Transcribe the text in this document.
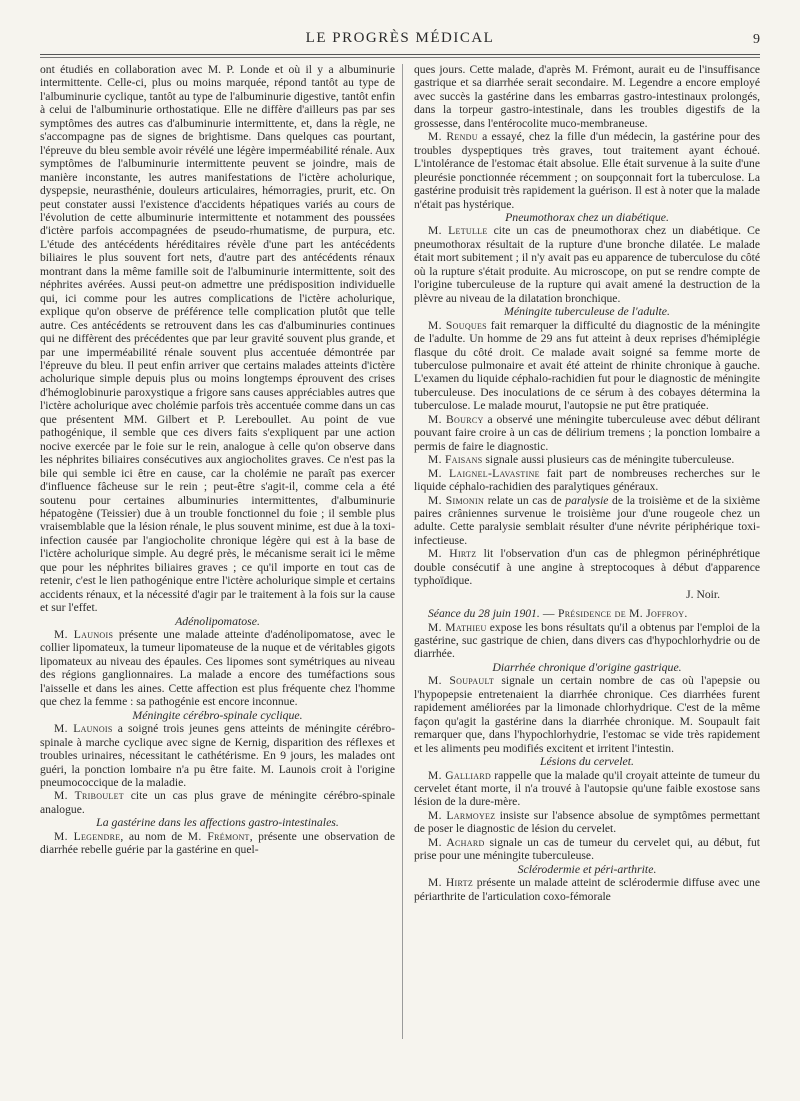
LE PROGRÈS MÉDICAL	9

ont étudiés en collaboration avec M. P. Londe et où il y a albuminurie intermittente. Celle-ci, plus ou moins marquée, répond tantôt au type de l'albuminurie cyclique, tantôt au type de l'albuminurie digestive, tantôt enfin à celui de l'albuminurie orthostatique. Elle ne diffère d'ailleurs pas par ses symptômes des autres cas d'albuminurie intermittente, et, dans la règle, ne s'accompagne pas de signes de brightisme. Dans quelques cas pourtant, l'épreuve du bleu semble avoir révélé une légère imperméabilité rénale. Aux symptômes de l'albuminurie intermittente peuvent se joindre, mais de manière inconstante, les autres manifestations de l'ictère acholurique, dyspepsie, neurasthénie, douleurs articulaires, hémorragies, prurit, etc. On peut constater aussi l'existence d'accidents hépatiques variés au cours de l'évolution de cette albuminurie intermittente et notamment des poussées d'ictère parfois accompagnées de pseudo-rhumatisme, de purpura, etc. L'étude des antécédents héréditaires révèle d'une part les antécédents biliaires le plus souvent fort nets, d'autre part des antécédents rénaux montrant dans la même famille soit de l'albuminurie intermittente, soit des néphrites avérées. Aussi peut-on admettre une prédisposition individuelle qui, ici comme pour les autres complications de l'ictère acholurique, explique qu'on observe de préférence telle complication plutôt que telle autre. Ces antécédents se retrouvent dans les cas d'albuminuries continues qui ne diffèrent des précédentes que par leur gravité souvent plus grande, et par une imperméabilité rénale souvent plus accentuée démontrée par l'épreuve du bleu. Il peut enfin arriver que certains malades atteints d'ictère acholurique simple depuis plus ou moins longtemps éprouvent des crises d'hémoglobinurie paroxystique a frigore sans causes appréciables autres que l'ictère acholurique avec cholémie parfois très accentuée comme dans un cas que présentent MM. Gilbert et P. Lereboullet. Au point de vue pathogénique, il semble que ces divers faits s'expliquent par une action nocive exercée par le foie sur le rein, analogue à celle qu'on observe dans les néphrites biliaires consécutives aux angiocholites graves. Ce n'est pas la bile qui semble ici être en cause, car la cholémie ne paraît pas exercer d'influence fâcheuse sur le rein ; peut-être s'agit-il, comme cela a été soutenu pour certaines albuminuries intermittentes, d'albuminurie hépatogène (Teissier) due à un trouble fonctionnel du foie ; il semble plus vraisemblable que la lésion rénale, le plus souvent minime, est due à la toxi-infection causée par l'angiocholite chronique légère qui est à la base de l'ictère acholurique simple. Au degré près, le mécanisme serait ici le même que pour les néphrites biliaires graves ; ce qu'il importe en tout cas de retenir, c'est le lien pathogénique entre l'ictère acholurique simple et certains accidents rénaux, et la nécessité d'agir par le traitement à la fois sur la cause et sur l'effet.

Adénolipomatose.

M. Launois présente une malade atteinte d'adénolipomatose, avec le collier lipomateux, la tumeur lipomateuse de la nuque et de véritables gigots lipomateux au niveau des épaules. Ces lipomes sont symétriques au niveau des régions ganglionnaires. La malade a encore des tuméfactions sous l'aisselle et dans les aines. Cette affection est plus fréquente chez l'homme que chez la femme : sa pathogénie est encore inconnue.

Méningite cérébro-spinale cyclique.

M. Launois a soigné trois jeunes gens atteints de méningite cérébro-spinale à marche cyclique avec signe de Kernig, disparition des réflexes et troubles urinaires, nécessitant le cathétérisme. En 9 jours, les malades ont guéri, la ponction lombaire n'a pu être faite. M. Launois croit à l'origine pneumococcique de la maladie.

M. Triboulet cite un cas plus grave de méningite cérébro-spinale analogue.

La gastérine dans les affections gastro-intestinales.

M. Legendre, au nom de M. Frémont, présente une observation de diarrhée rebelle guérie par la gastérine en quel-

ques jours. Cette malade, d'après M. Frémont, aurait eu de l'insuffisance gastrique et sa diarrhée serait secondaire. M. Legendre a encore employé avec succès la gastérine dans les embarras gastro-intestinaux prolongés, dans la torpeur gastro-intestinale, dans les troubles digestifs de la grossesse, dans l'entérocolite muco-membraneuse.

M. Rendu a essayé, chez la fille d'un médecin, la gastérine pour des troubles dyspeptiques très graves, tout traitement ayant échoué. L'intolérance de l'estomac était absolue. Elle était survenue à la suite d'une pleurésie ponctionnée récemment ; on soupçonnait fort la tuberculose. La gastérine produisit très rapidement la guérison. Il est à noter que la malade n'était pas hystérique.

Pneumothorax chez un diabétique.

M. Letulle cite un cas de pneumothorax chez un diabétique. Ce pneumothorax résultait de la rupture d'une bronche dilatée. Le malade était mort subitement ; il n'y avait pas eu apparence de tuberculose du côté où la rupture s'était produite. Au microscope, on put se rendre compte de l'origine tuberculeuse de la rupture qui avait amené la destruction de la plèvre au niveau de la dilatation bronchique.

Méningite tuberculeuse de l'adulte.

M. Souques fait remarquer la difficulté du diagnostic de la méningite de l'adulte. Un homme de 29 ans fut atteint à deux reprises d'hémiplégie flasque du côté droit. Ce malade avait soigné sa femme morte de tuberculose pulmonaire et avait été atteint de rhinite chronique à gauche. L'examen du liquide céphalo-rachidien fut pour le diagnostic de méningite tuberculeuse. Des inoculations de ce sérum à des cobayes détermina la tuberculose. Le malade mourut, l'autopsie ne put être pratiquée.

M. Bourcy a observé une méningite tuberculeuse avec début délirant pouvant faire croire à un cas de délirium tremens ; la ponction lombaire a permis de faire le diagnostic.

M. Faisans signale aussi plusieurs cas de méningite tuberculeuse.

M. Laignel-Lavastine fait part de nombreuses recherches sur le liquide céphalo-rachidien des paralytiques généraux.

M. Simonin relate un cas de paralysie de la troisième et de la sixième paires crâniennes survenue le troisième jour d'une rougeole chez un adulte. Cette paralysie semblait résulter d'une névrite périphérique toxi-infectieuse.

M. Hirtz lit l'observation d'un cas de phlegmon périnéphrétique double consécutif à une angine à streptocoques à début d'apparence typhoïdique.

J. Noir.

Séance du 28 juin 1901. — Présidence de M. Joffroy.

M. Mathieu expose les bons résultats qu'il a obtenus par l'emploi de la gastérine, suc gastrique de chien, dans divers cas d'hypochlorhydrie ou de diarrhée.

Diarrhée chronique d'origine gastrique.

M. Soupault signale un certain nombre de cas où l'apepsie ou l'hypopepsie entretenaient la diarrhée chronique. Ces diarrhées furent rapidement améliorées par la limonade chlorhydrique. C'est de la même façon qu'agit la gastérine dans la diarrhée chronique. M. Soupault fait remarquer que, dans l'hypochlorhydrie, l'estomac se vide très rapidement et les aliments peu modifiés excitent et irritent l'intestin.

Lésions du cervelet.

M. Galliard rappelle que la malade qu'il croyait atteinte de tumeur du cervelet étant morte, il n'a trouvé à l'autopsie qu'une faible exostose sans lésion de la dure-mère.

M. Larmoyez insiste sur l'absence absolue de symptômes permettant de poser le diagnostic de lésion du cervelet.

M. Achard signale un cas de tumeur du cervelet qui, au début, fut prise pour une méningite tuberculeuse.

Sclérodermie et péri-arthrite.

M. Hirtz présente un malade atteint de sclérodermie diffuse avec une périarthrite de l'articulation coxo-fémorale
